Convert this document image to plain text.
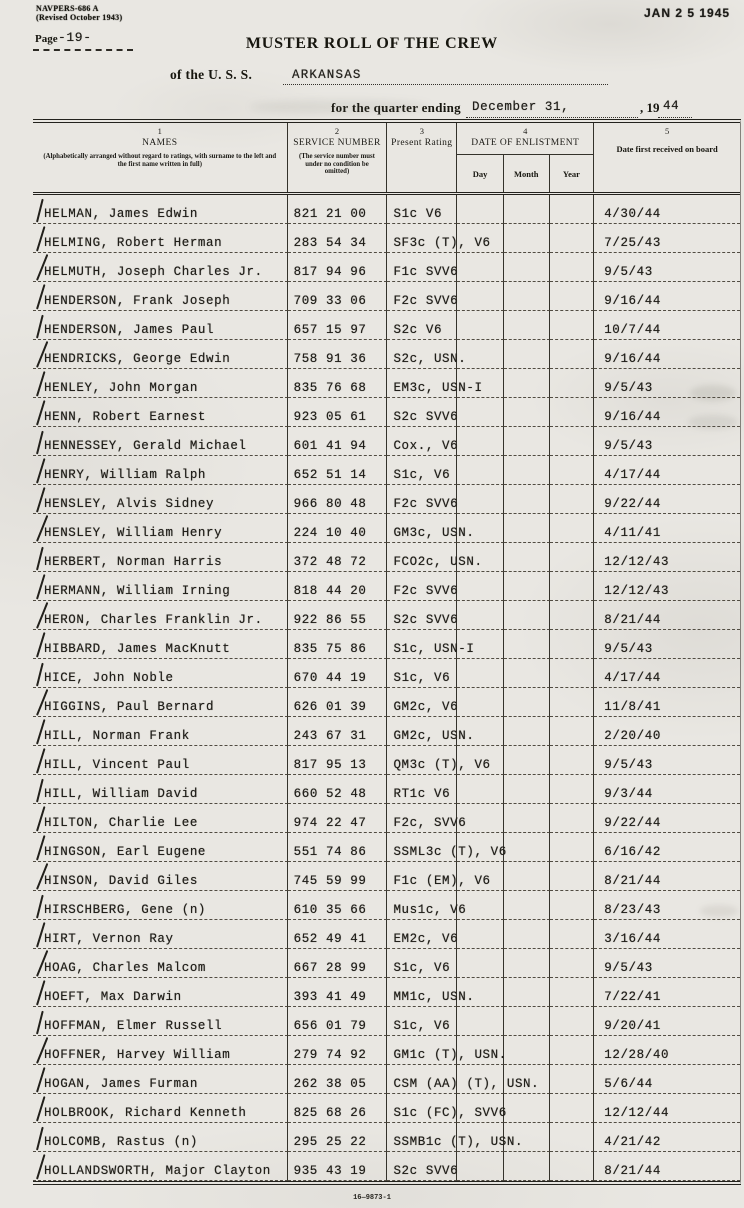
NAVPERS-686 A
(Revised October 1943)	JAN 2 5 1945
Page -19-	MUSTER ROLL OF THE CREW
of the U. S. S.	ARKANSAS
for the quarter ending December 31,	, 19 44
1
NAMES
(Alphabetically arranged without regard to ratings, with surname to the left and the first name written in full)
2
SERVICE NUMBER
(The service number must under no condition be omitted)
3
Present Rating
4
DATE OF ENLISTMENT
Day	Month	Year
5
Date first received on board
HELMAN, James Edwin	821 21 00 S1c V6	4/30/44
HELMING, Robert Herman	283 54 34 SF3c (T), V6	7/25/43
HELMUTH, Joseph Charles Jr. 817 94 96 F1c SVV6	9/5/43
HENDERSON, Frank Joseph	709 33 06 F2c SVV6	9/16/44
HENDERSON, James Paul	657 15 97 S2c V6	10/7/44
HENDRICKS, George Edwin	758 91 36 S2c, USN.	9/16/44
HENLEY, John Morgan	835 76 68 EM3c, USN-I	9/5/43
HENN, Robert Earnest	923 05 61 S2c SVV6	9/16/44
HENNESSEY, Gerald Michael	601 41 94 Cox., V6	9/5/43
HENRY, William Ralph	652 51 14 S1c, V6	4/17/44
HENSLEY, Alvis Sidney	966 80 48 F2c SVV6	9/22/44
HENSLEY, William Henry	224 10 40 GM3c, USN.	4/11/41
HERBERT, Norman Harris	372 48 72 FCO2c, USN.	12/12/43
HERMANN, William Irning	818 44 20 F2c SVV6	12/12/43
HERON, Charles Franklin Jr. 922 86 55 S2c SVV6	8/21/44
HIBBARD, James MacKnutt	835 75 86 S1c, USN-I	9/5/43
HICE, John Noble	670 44 19 S1c, V6	4/17/44
HIGGINS, Paul Bernard	626 01 39 GM2c, V6	11/8/41
HILL, Norman Frank	243 67 31 GM2c, USN.	2/20/40
HILL, Vincent Paul	817 95 13 QM3c (T), V6	9/5/43
HILL, William David	660 52 48 RT1c V6	9/3/44
HILTON, Charlie Lee	974 22 47 F2c, SVV6	9/22/44
HINGSON, Earl Eugene	551 74 86 SSML3c (T), V6	6/16/42
HINSON, David Giles	745 59 99 F1c (EM), V6	8/21/44
HIRSCHBERG, Gene (n)	610 35 66 Mus1c, V6	8/23/43
HIRT, Vernon Ray	652 49 41 EM2c, V6	3/16/44
HOAG, Charles Malcom	667 28 99 S1c, V6	9/5/43
HOEFT, Max Darwin	393 41 49 MM1c, USN.	7/22/41
HOFFMAN, Elmer Russell	656 01 79 S1c, V6	9/20/41
HOFFNER, Harvey William	279 74 92 GM1c (T), USN.	12/28/40
HOGAN, James Furman	262 38 05 CSM (AA) (T), USN.	5/6/44
HOLBROOK, Richard Kenneth	825 68 26 S1c (FC), SVV6	12/12/44
HOLCOMB, Rastus (n)	295 25 22 SSMB1c (T), USN.	4/21/42
HOLLANDSWORTH, Major Clayton 935 43 19 S2c SVV6	8/21/44
16—9873-1
